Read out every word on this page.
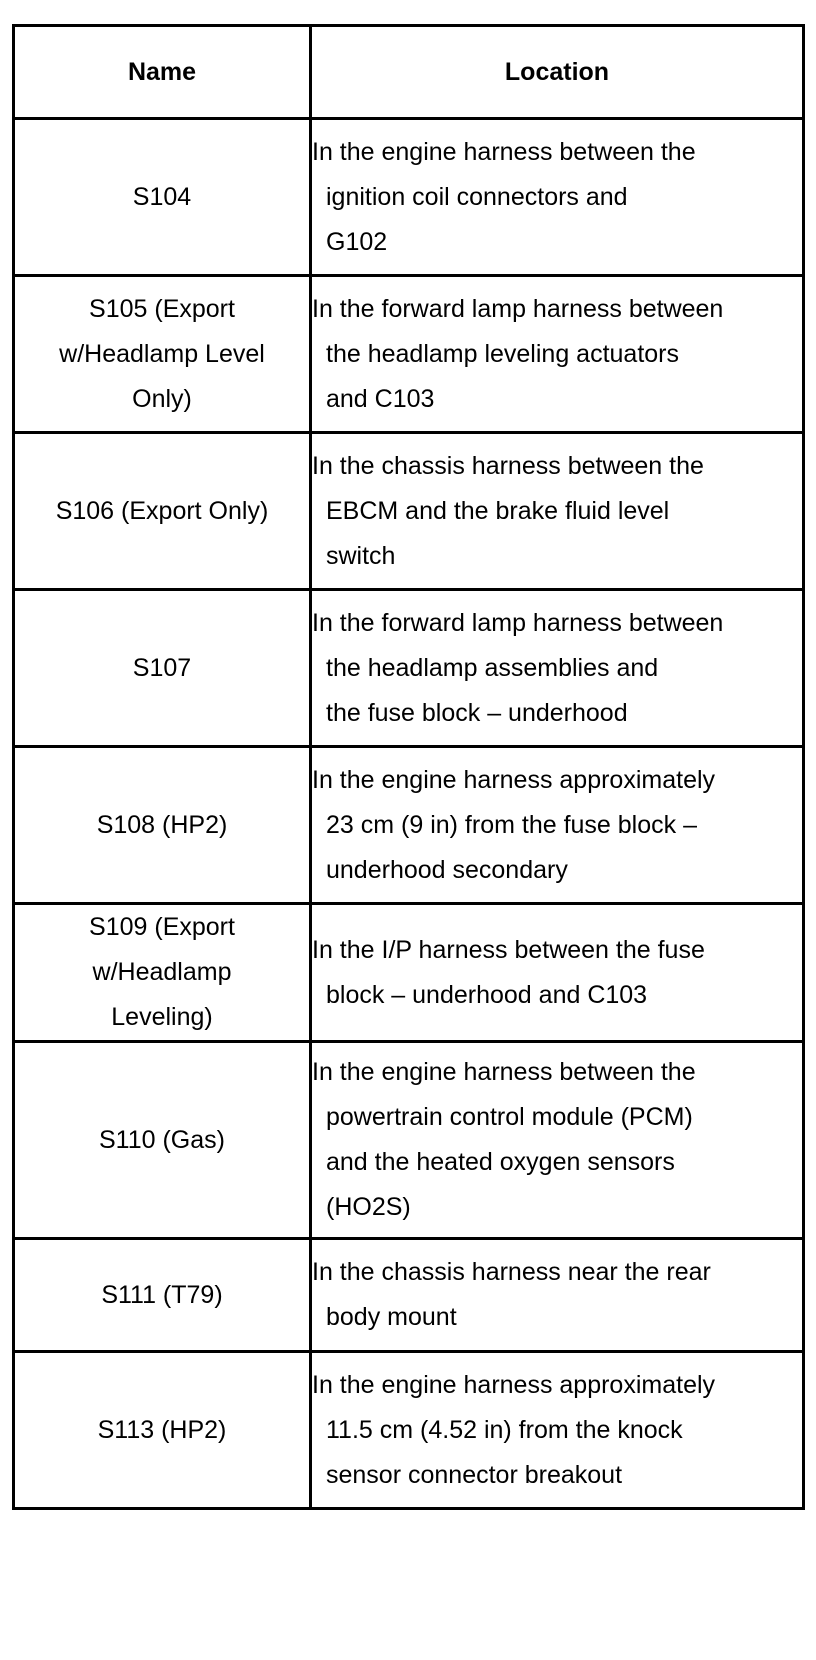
Name	Location

S104	In the engine harness between the
ignition coil connectors and
G102

S105 (Export
w/Headlamp Level
Only)	In the forward lamp harness between
the headlamp leveling actuators
and C103

S106 (Export Only)	In the chassis harness between the
EBCM and the brake fluid level
switch

S107	In the forward lamp harness between
the headlamp assemblies and
the fuse block – underhood

S108 (HP2)	In the engine harness approximately
23 cm (9 in) from the fuse block –
underhood secondary

S109 (Export
w/Headlamp
Leveling)	In the I/P harness between the fuse
block – underhood and C103

S110 (Gas)	In the engine harness between the
powertrain control module (PCM)
and the heated oxygen sensors
(HO2S)

S111 (T79)	In the chassis harness near the rear
body mount

S113 (HP2)	In the engine harness approximately
11.5 cm (4.52 in) from the knock
sensor connector breakout
